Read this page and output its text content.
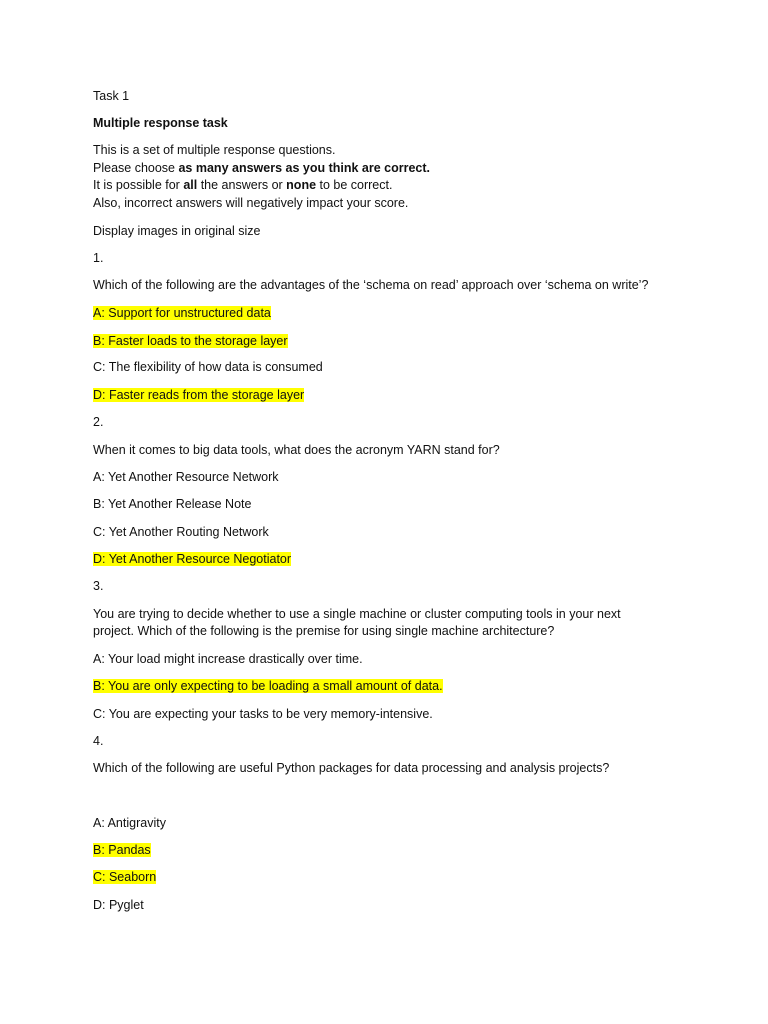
Task 1
Multiple response task
This is a set of multiple response questions.
Please choose as many answers as you think are correct.
It is possible for all the answers or none to be correct.
Also, incorrect answers will negatively impact your score.
Display images in original size
1.
Which of the following are the advantages of the ‘schema on read’ approach over ‘schema on write’?
A: Support for unstructured data
B: Faster loads to the storage layer
C: The flexibility of how data is consumed
D: Faster reads from the storage layer
2.
When it comes to big data tools, what does the acronym YARN stand for?
A: Yet Another Resource Network
B: Yet Another Release Note
C: Yet Another Routing Network
D: Yet Another Resource Negotiator
3.
You are trying to decide whether to use a single machine or cluster computing tools in your next
project. Which of the following is the premise for using single machine architecture?
A: Your load might increase drastically over time.
B: You are only expecting to be loading a small amount of data.
C: You are expecting your tasks to be very memory-intensive.
4.
Which of the following are useful Python packages for data processing and analysis projects?
A: Antigravity
B: Pandas
C: Seaborn
D: Pyglet
